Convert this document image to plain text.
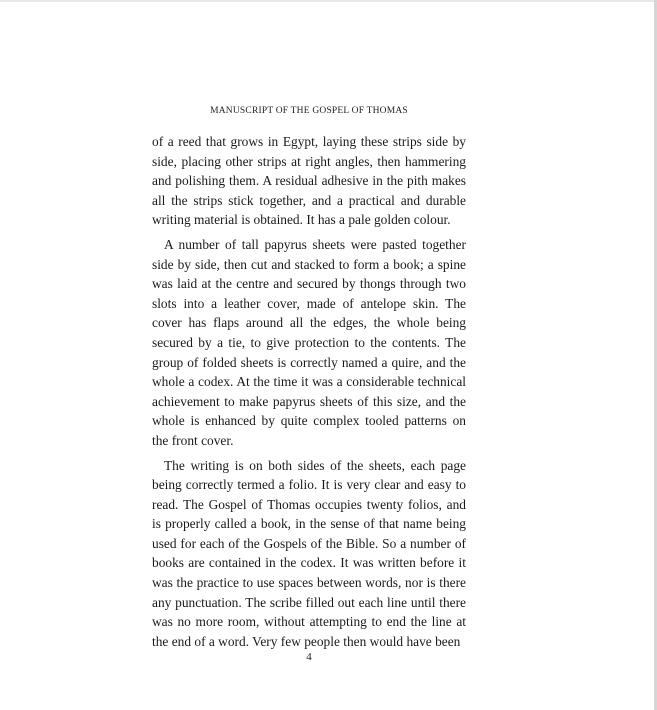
MANUSCRIPT OF THE GOSPEL OF THOMAS

of a reed that grows in Egypt, laying these strips side by side, placing other strips at right angles, then hammering and polishing them. A residual adhesive in the pith makes all the strips stick together, and a practical and durable writing material is obtained. It has a pale golden colour.

A number of tall papyrus sheets were pasted together side by side, then cut and stacked to form a book; a spine was laid at the centre and secured by thongs through two slots into a leather cover, made of antelope skin. The cover has flaps around all the edges, the whole being secured by a tie, to give protection to the contents. The group of folded sheets is correctly named a quire, and the whole a codex. At the time it was a considerable technical achievement to make papyrus sheets of this size, and the whole is enhanced by quite complex tooled patterns on the front cover.

The writing is on both sides of the sheets, each page being correctly termed a folio. It is very clear and easy to read. The Gospel of Thomas occupies twenty folios, and is properly called a book, in the sense of that name being used for each of the Gospels of the Bible. So a number of books are contained in the codex. It was written before it was the practice to use spaces between words, nor is there any punctuation. The scribe filled out each line until there was no more room, without attempting to end the line at the end of a word. Very few people then would have been

4
